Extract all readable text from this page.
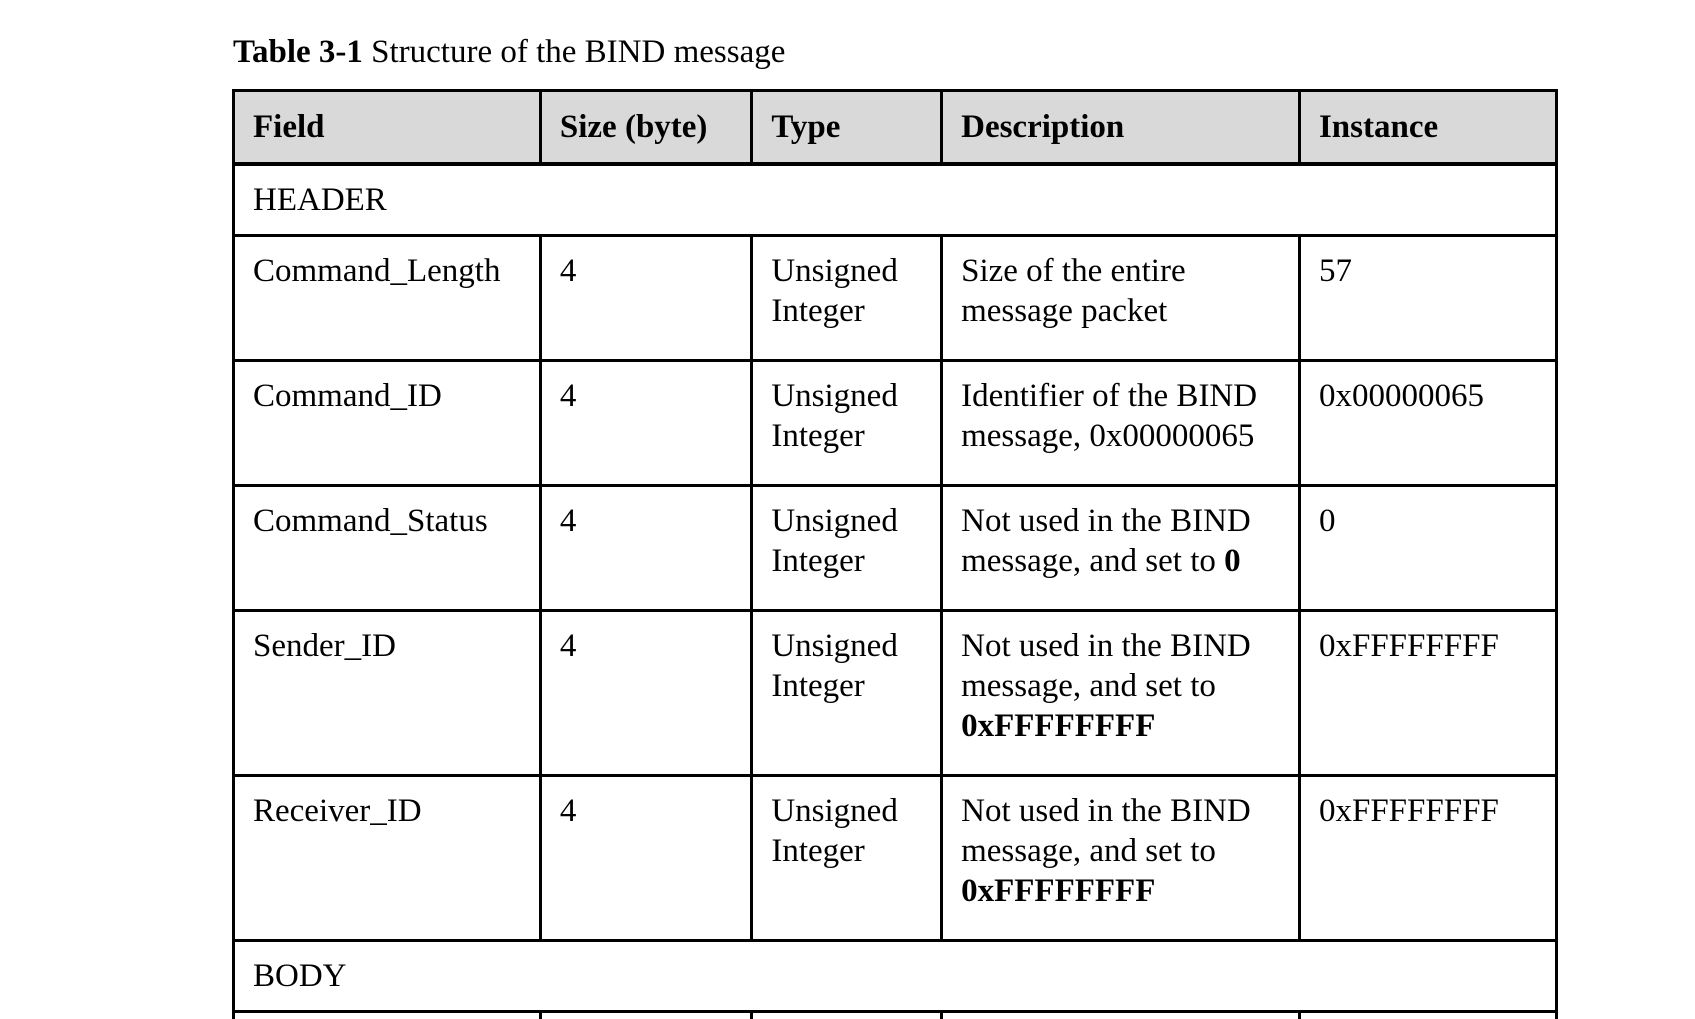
Table 3-1 Structure of the BIND message
Field	Size (byte)	Type	Description	Instance
HEADER				
Command_Length	4	Unsigned Integer	Size of the entire message packet	57
Command_ID	4	Unsigned Integer	Identifier of the BIND message, 0x00000065	0x00000065
Command_Status	4	Unsigned Integer	Not used in the BIND message, and set to 0	0
Sender_ID	4	Unsigned Integer	Not used in the BIND message, and set to 0xFFFFFFFF	0xFFFFFFFF
Receiver_ID	4	Unsigned Integer	Not used in the BIND message, and set to 0xFFFFFFFF	0xFFFFFFFF
BODY				
